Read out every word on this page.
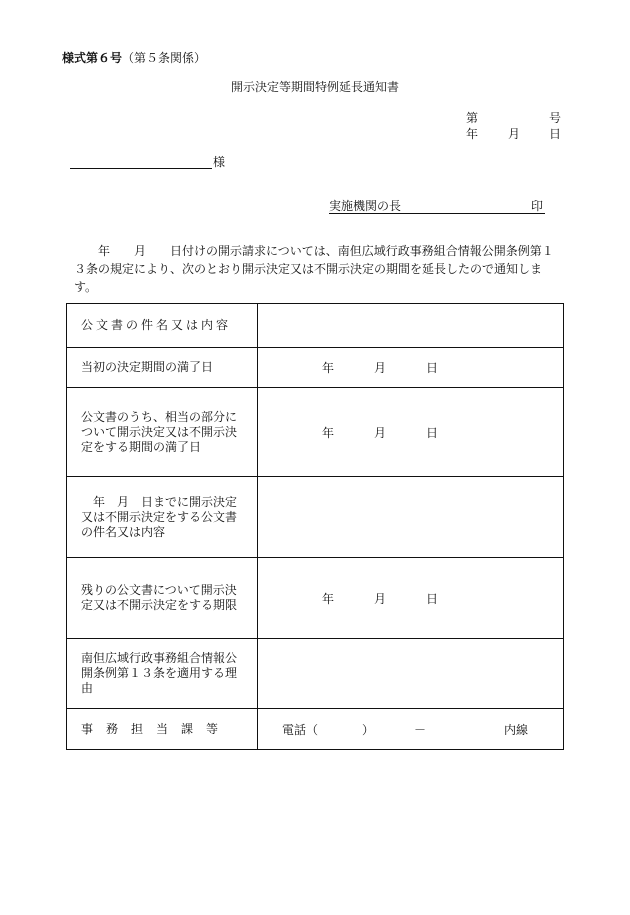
様式第６号（第５条関係）
開示決定等期間特例延長通知書
第	号
年 月 日
様
実施機関の長	印
　　年　　月　　日付けの開示請求については、南但広域行政事務組合情報公開条例第１３条の規定により、次のとおり開示決定又は不開示決定の期間を延長したので通知します。
公文書の件名又は内容	
当初の決定期間の満了日	年 月 日

公文書のうち、相当の部分について開示決定又は不開示決定をする期間の満了日	年 月 日

　年　月　日までに開示決定又は不開示決定をする公文書の件名又は内容	
残りの公文書について開示決定又は不開示決定をする期限	年 月 日

南但広域行政事務組合情報公開条例第１３条を適用する理由	
事務担当課等	電話（ ） － 内線
